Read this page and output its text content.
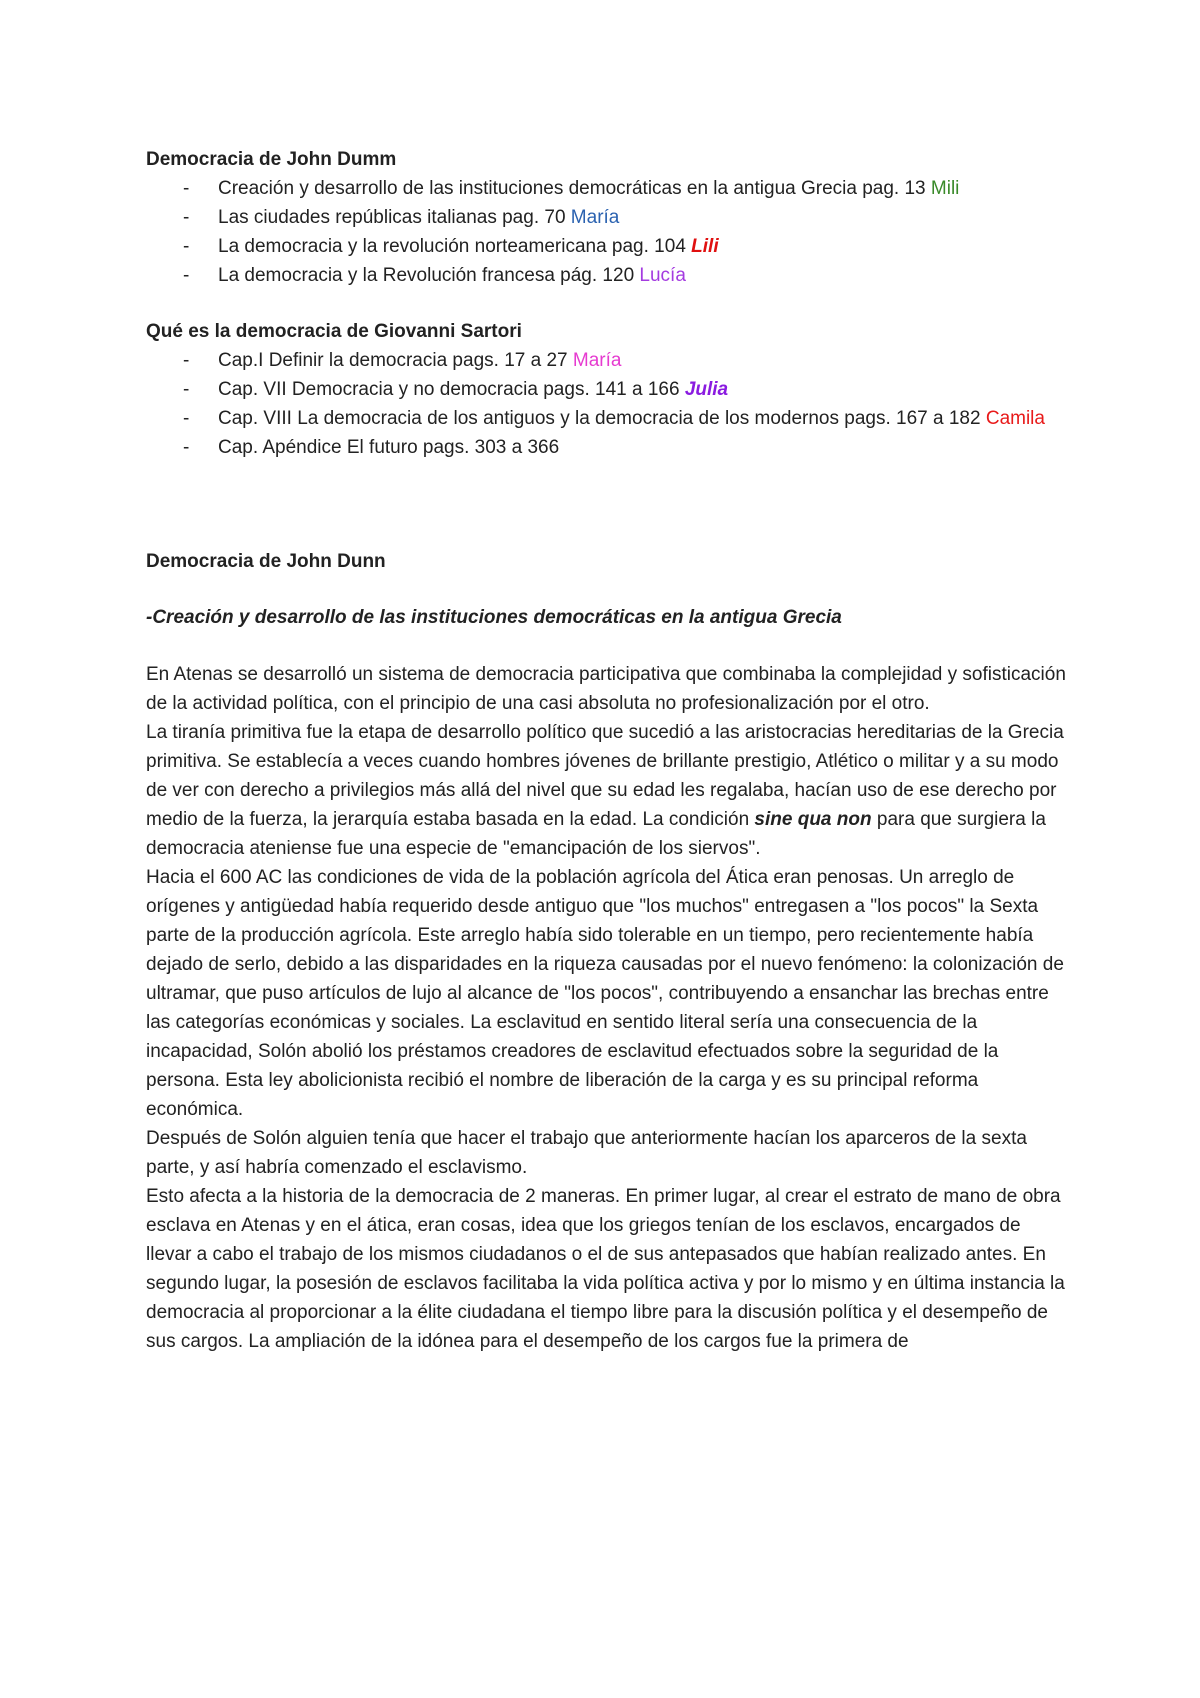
Democracia de John Dumm

- Creación y desarrollo de las instituciones democráticas en la antigua Grecia pag. 13 Mili
- Las ciudades repúblicas italianas pag. 70 María
- La democracia y la revolución norteamericana pag. 104 Lili
- La democracia y la Revolución francesa pág. 120 Lucía

Qué es la democracia de Giovanni Sartori

- Cap.I Definir la democracia pags. 17 a 27 María
- Cap. VII Democracia y no democracia pags. 141 a 166 Julia
- Cap. VIII La democracia de los antiguos y la democracia de los modernos pags. 167 a 182 Camila
- Cap. Apéndice El futuro pags. 303 a 366

Democracia de John Dunn

-Creación y desarrollo de las instituciones democráticas en la antigua Grecia

En Atenas se desarrolló un sistema de democracia participativa que combinaba la complejidad y sofisticación de la actividad política, con el principio de una casi absoluta no profesionalización por el otro.

La tiranía primitiva fue la etapa de desarrollo político que sucedió a las aristocracias hereditarias de la Grecia primitiva. Se establecía a veces cuando hombres jóvenes de brillante prestigio, Atlético o militar y a su modo de ver con derecho a privilegios más allá del nivel que su edad les regalaba, hacían uso de ese derecho por medio de la fuerza, la jerarquía estaba basada en la edad. La condición sine qua non para que surgiera la democracia ateniense fue una especie de "emancipación de los siervos".

Hacia el 600 AC las condiciones de vida de la población agrícola del Ática eran penosas. Un arreglo de orígenes y antigüedad había requerido desde antiguo que "los muchos" entregasen a "los pocos" la Sexta parte de la producción agrícola. Este arreglo había sido tolerable en un tiempo, pero recientemente había dejado de serlo, debido a las disparidades en la riqueza causadas por el nuevo fenómeno: la colonización de ultramar, que puso artículos de lujo al alcance de "los pocos", contribuyendo a ensanchar las brechas entre las categorías económicas y sociales. La esclavitud en sentido literal sería una consecuencia de la incapacidad, Solón abolió los préstamos creadores de esclavitud efectuados sobre la seguridad de la persona. Esta ley abolicionista recibió el nombre de liberación de la carga y es su principal reforma económica.

Después de Solón alguien tenía que hacer el trabajo que anteriormente hacían los aparceros de la sexta parte, y así habría comenzado el esclavismo.

Esto afecta a la historia de la democracia de 2 maneras. En primer lugar, al crear el estrato de mano de obra esclava en Atenas y en el ática, eran cosas, idea que los griegos tenían de los esclavos, encargados de llevar a cabo el trabajo de los mismos ciudadanos o el de sus antepasados que habían realizado antes. En segundo lugar, la posesión de esclavos facilitaba la vida política activa y por lo mismo y en última instancia la democracia al proporcionar a la élite ciudadana el tiempo libre para la discusión política y el desempeño de sus cargos. La ampliación de la idónea para el desempeño de los cargos fue la primera de
